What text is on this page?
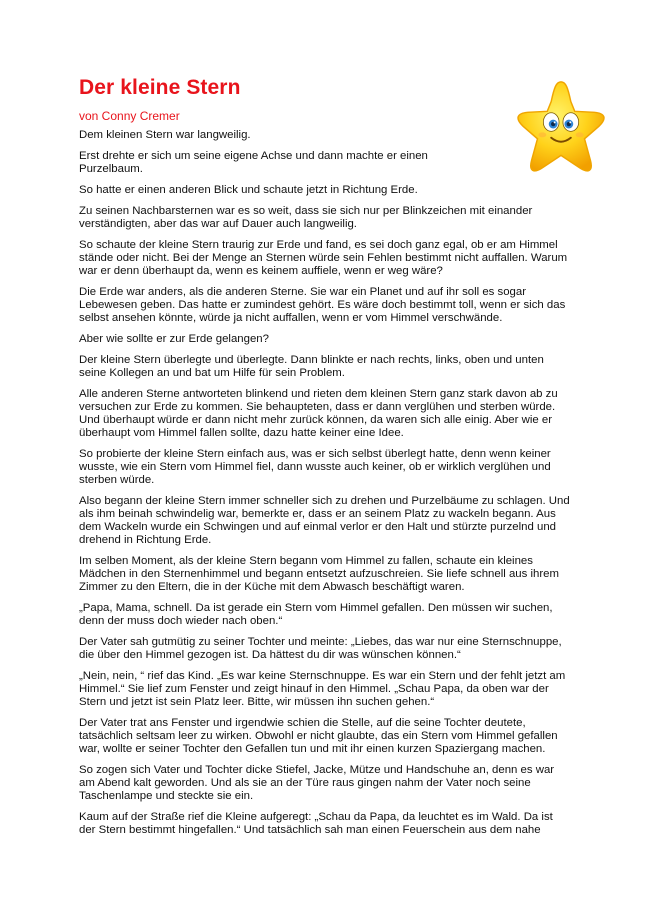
Der kleine Stern
von Conny Cremer

Dem kleinen Stern war langweilig.

Erst drehte er sich um seine eigene Achse und dann machte er einen
Purzelbaum.

So hatte er einen anderen Blick und schaute jetzt in Richtung Erde.

Zu seinen Nachbarsternen war es so weit, dass sie sich nur per Blinkzeichen mit einander
verständigten, aber das war auf Dauer auch langweilig.

So schaute der kleine Stern traurig zur Erde und fand, es sei doch ganz egal, ob er am Himmel
stände oder nicht. Bei der Menge an Sternen würde sein Fehlen bestimmt nicht auffallen. Warum
war er denn überhaupt da, wenn es keinem auffiele, wenn er weg wäre?

Die Erde war anders, als die anderen Sterne. Sie war ein Planet und auf ihr soll es sogar
Lebewesen geben. Das hatte er zumindest gehört. Es wäre doch bestimmt toll, wenn er sich das
selbst ansehen könnte, würde ja nicht auffallen, wenn er vom Himmel verschwände.

Aber wie sollte er zur Erde gelangen?

Der kleine Stern überlegte und überlegte. Dann blinkte er nach rechts, links, oben und unten
seine Kollegen an und bat um Hilfe für sein Problem.

Alle anderen Sterne antworteten blinkend und rieten dem kleinen Stern ganz stark davon ab zu
versuchen zur Erde zu kommen. Sie behaupteten, dass er dann verglühen und sterben würde.
Und überhaupt würde er dann nicht mehr zurück können, da waren sich alle einig. Aber wie er
überhaupt vom Himmel fallen sollte, dazu hatte keiner eine Idee.

So probierte der kleine Stern einfach aus, was er sich selbst überlegt hatte, denn wenn keiner
wusste, wie ein Stern vom Himmel fiel, dann wusste auch keiner, ob er wirklich verglühen und
sterben würde.

Also begann der kleine Stern immer schneller sich zu drehen und Purzelbäume zu schlagen. Und
als ihm beinah schwindelig war, bemerkte er, dass er an seinem Platz zu wackeln begann. Aus
dem Wackeln wurde ein Schwingen und auf einmal verlor er den Halt und stürzte purzelnd und
drehend in Richtung Erde.

Im selben Moment, als der kleine Stern begann vom Himmel zu fallen, schaute ein kleines
Mädchen in den Sternenhimmel und begann entsetzt aufzuschreien. Sie liefe schnell aus ihrem
Zimmer zu den Eltern, die in der Küche mit dem Abwasch beschäftigt waren.

„Papa, Mama, schnell. Da ist gerade ein Stern vom Himmel gefallen. Den müssen wir suchen,
denn der muss doch wieder nach oben.“

Der Vater sah gutmütig zu seiner Tochter und meinte: „Liebes, das war nur eine Sternschnuppe,
die über den Himmel gezogen ist. Da hättest du dir was wünschen können.“

„Nein, nein, “ rief das Kind. „Es war keine Sternschnuppe. Es war ein Stern und der fehlt jetzt am
Himmel.“ Sie lief zum Fenster und zeigt hinauf in den Himmel. „Schau Papa, da oben war der
Stern und jetzt ist sein Platz leer. Bitte, wir müssen ihn suchen gehen.“

Der Vater trat ans Fenster und irgendwie schien die Stelle, auf die seine Tochter deutete,
tatsächlich seltsam leer zu wirken. Obwohl er nicht glaubte, das ein Stern vom Himmel gefallen
war, wollte er seiner Tochter den Gefallen tun und mit ihr einen kurzen Spaziergang machen.

So zogen sich Vater und Tochter dicke Stiefel, Jacke, Mütze und Handschuhe an, denn es war
am Abend kalt geworden. Und als sie an der Türe raus gingen nahm der Vater noch seine
Taschenlampe und steckte sie ein.

Kaum auf der Straße rief die Kleine aufgeregt: „Schau da Papa, da leuchtet es im Wald. Da ist
der Stern bestimmt hingefallen.“ Und tatsächlich sah man einen Feuerschein aus dem nahe
